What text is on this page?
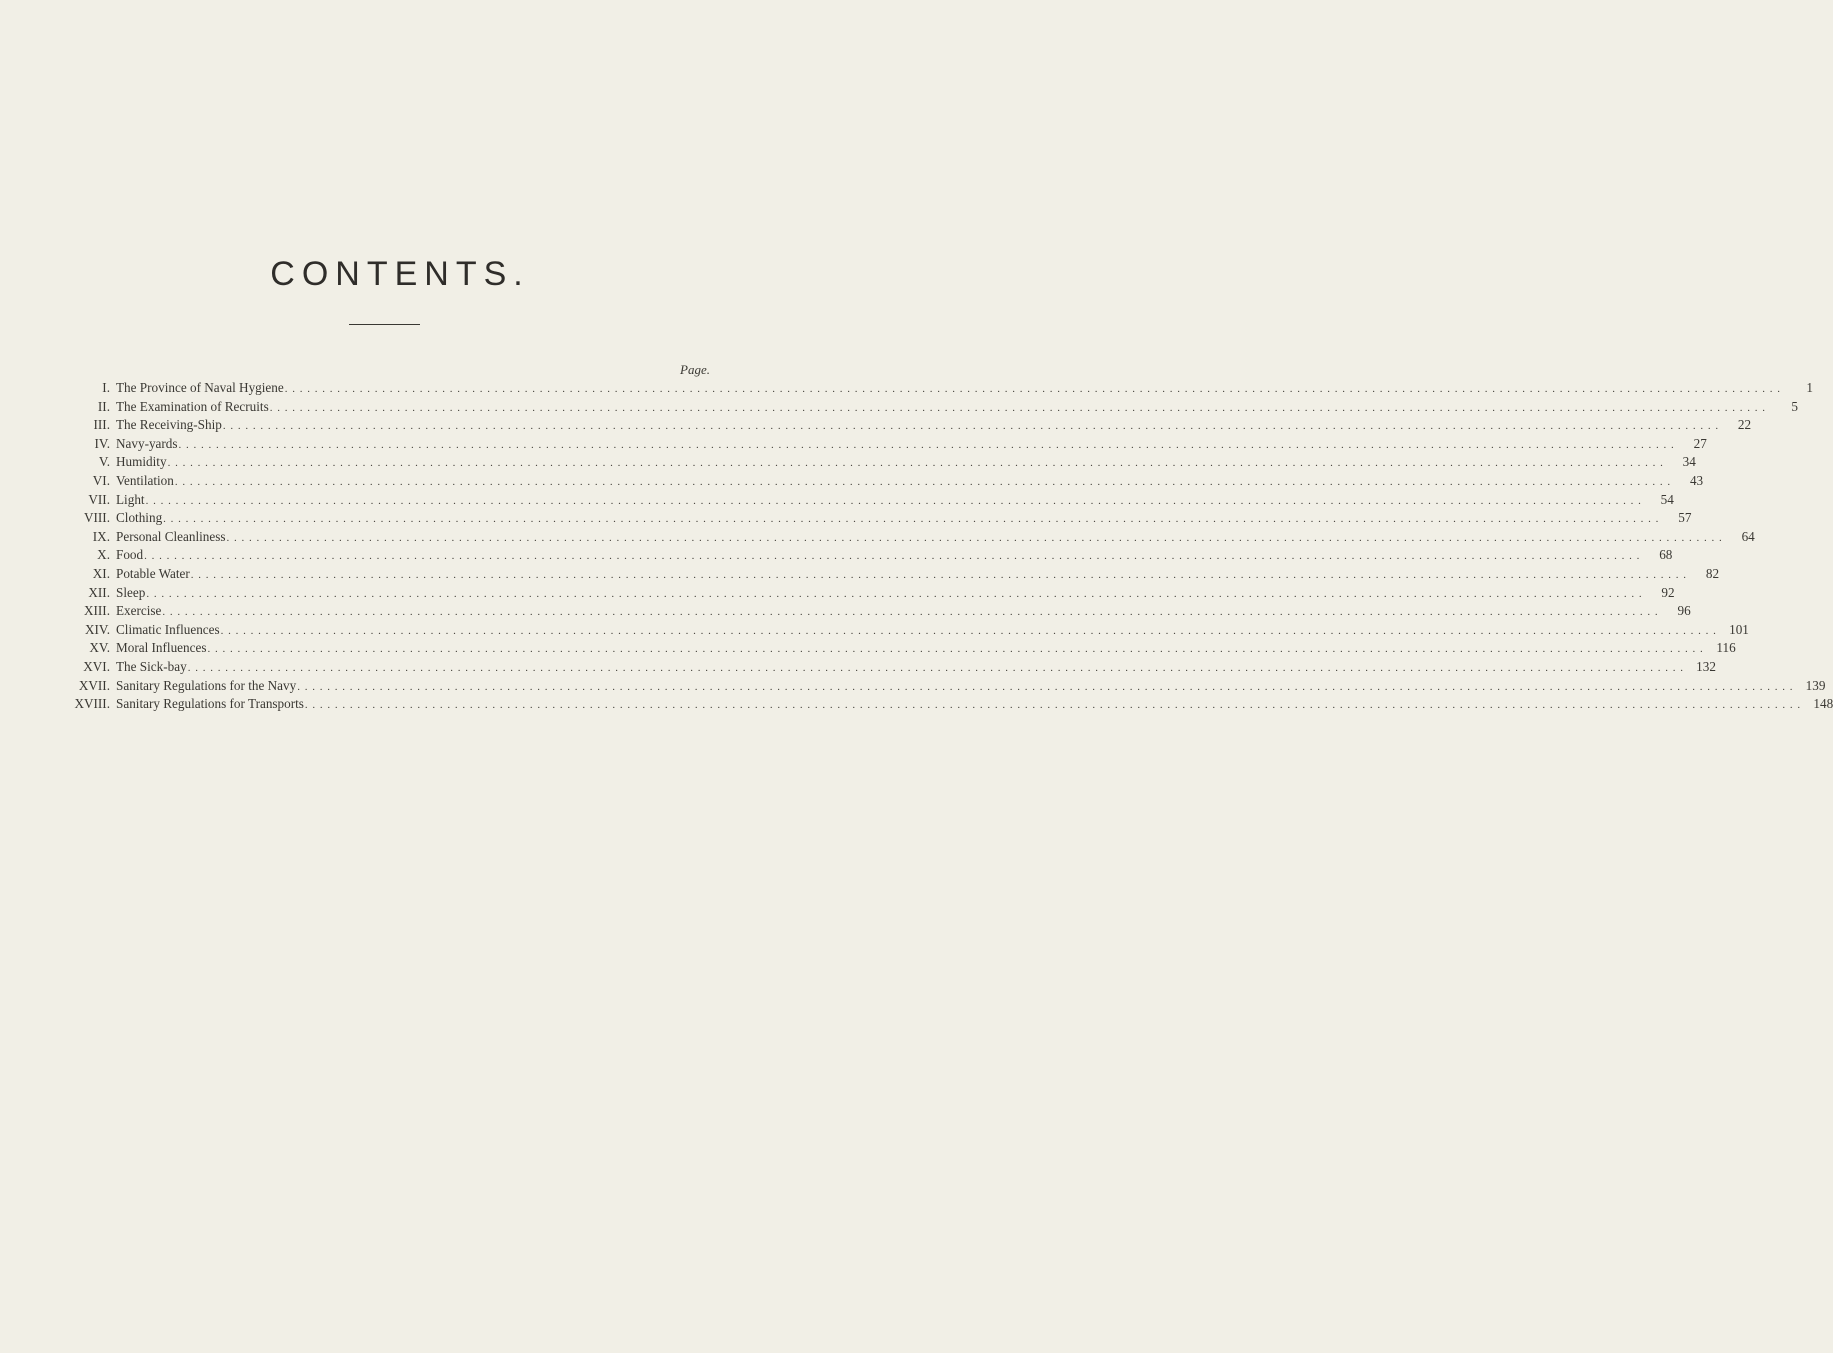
CONTENTS.
Page.
I. The Province of Naval Hygiene . . . . . . . . . . . . . . . . . . . . . . . . . . . . . . . . . . . . . . . . . . . . . . . . . . . . . . . . . . . . . . . . . . . . . . . . . . . . . . . . . . . . . . . . . . . . . . . . . . . . . . . . . . . . . . . . . . . . . . . . . . . . . . . . . . . . . . . . . . . . . . . . . . . . . . . . . . . . . . . . . . . . . . . . . . . . . . . . . . . . . . . . . . . . . . . . . . . . . . . .	1
II. The Examination of Recruits . . . . . . . . . . . . . . . . . . . . . . . . . . . . . . . . . . . . . . . . . . . . . . . . . . . . . . . . . . . . . . . . . . . . . . . . . . . . . . . . . . . . . . . . . . . . . . . . . . . . . . . . . . . . . . . . . . . . . . . . . . . . . . . . . . . . . . . . . . . . . . . . . . . . . . . . . . . . . . . . . . . . . . . . . . . . . . . . . . . . . . . . . . . . . . . . . . . . . . . .	5
III. The Receiving-Ship . . . . . . . . . . . . . . . . . . . . . . . . . . . . . . . . . . . . . . . . . . . . . . . . . . . . . . . . . . . . . . . . . . . . . . . . . . . . . . . . . . . . . . . . . . . . . . . . . . . . . . . . . . . . . . . . . . . . . . . . . . . . . . . . . . . . . . . . . . . . . . . . . . . . . . . . . . . . . . . . . . . . . . . . . . . . . . . . . . . . . . . . . . . . . . . . . . . . . . . .	22
IV. Navy-yards . . . . . . . . . . . . . . . . . . . . . . . . . . . . . . . . . . . . . . . . . . . . . . . . . . . . . . . . . . . . . . . . . . . . . . . . . . . . . . . . . . . . . . . . . . . . . . . . . . . . . . . . . . . . . . . . . . . . . . . . . . . . . . . . . . . . . . . . . . . . . . . . . . . . . . . . . . . . . . . . . . . . . . . . . . . . . . . . . . . . . . . . . . . . . . . . . . . . . . . .	27
V. Humidity . . . . . . . . . . . . . . . . . . . . . . . . . . . . . . . . . . . . . . . . . . . . . . . . . . . . . . . . . . . . . . . . . . . . . . . . . . . . . . . . . . . . . . . . . . . . . . . . . . . . . . . . . . . . . . . . . . . . . . . . . . . . . . . . . . . . . . . . . . . . . . . . . . . . . . . . . . . . . . . . . . . . . . . . . . . . . . . . . . . . . . . . . . . . . . . . . . . . . . . .	34
VI. Ventilation . . . . . . . . . . . . . . . . . . . . . . . . . . . . . . . . . . . . . . . . . . . . . . . . . . . . . . . . . . . . . . . . . . . . . . . . . . . . . . . . . . . . . . . . . . . . . . . . . . . . . . . . . . . . . . . . . . . . . . . . . . . . . . . . . . . . . . . . . . . . . . . . . . . . . . . . . . . . . . . . . . . . . . . . . . . . . . . . . . . . . . . . . . . . . . . . . . . . . . . .	43
VII. Light . . . . . . . . . . . . . . . . . . . . . . . . . . . . . . . . . . . . . . . . . . . . . . . . . . . . . . . . . . . . . . . . . . . . . . . . . . . . . . . . . . . . . . . . . . . . . . . . . . . . . . . . . . . . . . . . . . . . . . . . . . . . . . . . . . . . . . . . . . . . . . . . . . . . . . . . . . . . . . . . . . . . . . . . . . . . . . . . . . . . . . . . . . . . . . . . . . . . . . . .	54
VIII. Clothing . . . . . . . . . . . . . . . . . . . . . . . . . . . . . . . . . . . . . . . . . . . . . . . . . . . . . . . . . . . . . . . . . . . . . . . . . . . . . . . . . . . . . . . . . . . . . . . . . . . . . . . . . . . . . . . . . . . . . . . . . . . . . . . . . . . . . . . . . . . . . . . . . . . . . . . . . . . . . . . . . . . . . . . . . . . . . . . . . . . . . . . . . . . . . . . . . . . . . . . .	57
IX. Personal Cleanliness . . . . . . . . . . . . . . . . . . . . . . . . . . . . . . . . . . . . . . . . . . . . . . . . . . . . . . . . . . . . . . . . . . . . . . . . . . . . . . . . . . . . . . . . . . . . . . . . . . . . . . . . . . . . . . . . . . . . . . . . . . . . . . . . . . . . . . . . . . . . . . . . . . . . . . . . . . . . . . . . . . . . . . . . . . . . . . . . . . . . . . . . . . . . . . . . . . . . . . . .	64
X. Food . . . . . . . . . . . . . . . . . . . . . . . . . . . . . . . . . . . . . . . . . . . . . . . . . . . . . . . . . . . . . . . . . . . . . . . . . . . . . . . . . . . . . . . . . . . . . . . . . . . . . . . . . . . . . . . . . . . . . . . . . . . . . . . . . . . . . . . . . . . . . . . . . . . . . . . . . . . . . . . . . . . . . . . . . . . . . . . . . . . . . . . . . . . . . . . . . . . . . . . .	68
XI. Potable Water . . . . . . . . . . . . . . . . . . . . . . . . . . . . . . . . . . . . . . . . . . . . . . . . . . . . . . . . . . . . . . . . . . . . . . . . . . . . . . . . . . . . . . . . . . . . . . . . . . . . . . . . . . . . . . . . . . . . . . . . . . . . . . . . . . . . . . . . . . . . . . . . . . . . . . . . . . . . . . . . . . . . . . . . . . . . . . . . . . . . . . . . . . . . . . . . . . . . . . . .	82
XII. Sleep . . . . . . . . . . . . . . . . . . . . . . . . . . . . . . . . . . . . . . . . . . . . . . . . . . . . . . . . . . . . . . . . . . . . . . . . . . . . . . . . . . . . . . . . . . . . . . . . . . . . . . . . . . . . . . . . . . . . . . . . . . . . . . . . . . . . . . . . . . . . . . . . . . . . . . . . . . . . . . . . . . . . . . . . . . . . . . . . . . . . . . . . . . . . . . . . . . . . . . . .	92
XIII. Exercise . . . . . . . . . . . . . . . . . . . . . . . . . . . . . . . . . . . . . . . . . . . . . . . . . . . . . . . . . . . . . . . . . . . . . . . . . . . . . . . . . . . . . . . . . . . . . . . . . . . . . . . . . . . . . . . . . . . . . . . . . . . . . . . . . . . . . . . . . . . . . . . . . . . . . . . . . . . . . . . . . . . . . . . . . . . . . . . . . . . . . . . . . . . . . . . . . . . . . . . .	96
XIV. Climatic Influences . . . . . . . . . . . . . . . . . . . . . . . . . . . . . . . . . . . . . . . . . . . . . . . . . . . . . . . . . . . . . . . . . . . . . . . . . . . . . . . . . . . . . . . . . . . . . . . . . . . . . . . . . . . . . . . . . . . . . . . . . . . . . . . . . . . . . . . . . . . . . . . . . . . . . . . . . . . . . . . . . . . . . . . . . . . . . . . . . . . . . . . . . . . . . . . . . . . . . . . . 101
XV. Moral Influences . . . . . . . . . . . . . . . . . . . . . . . . . . . . . . . . . . . . . . . . . . . . . . . . . . . . . . . . . . . . . . . . . . . . . . . . . . . . . . . . . . . . . . . . . . . . . . . . . . . . . . . . . . . . . . . . . . . . . . . . . . . . . . . . . . . . . . . . . . . . . . . . . . . . . . . . . . . . . . . . . . . . . . . . . . . . . . . . . . . . . . . . . . . . . . . . . . . . . . . . 116
XVI. The Sick-bay . . . . . . . . . . . . . . . . . . . . . . . . . . . . . . . . . . . . . . . . . . . . . . . . . . . . . . . . . . . . . . . . . . . . . . . . . . . . . . . . . . . . . . . . . . . . . . . . . . . . . . . . . . . . . . . . . . . . . . . . . . . . . . . . . . . . . . . . . . . . . . . . . . . . . . . . . . . . . . . . . . . . . . . . . . . . . . . . . . . . . . . . . . . . . . . . . . . . . . . . 132
XVII. Sanitary Regulations for the Navy . . . . . . . . . . . . . . . . . . . . . . . . . . . . . . . . . . . . . . . . . . . . . . . . . . . . . . . . . . . . . . . . . . . . . . . . . . . . . . . . . . . . . . . . . . . . . . . . . . . . . . . . . . . . . . . . . . . . . . . . . . . . . . . . . . . . . . . . . . . . . . . . . . . . . . . . . . . . . . . . . . . . . . . . . . . . . . . . . . . . . . . . . . . . . . . . . . . . . . . . 139
XVIII. Sanitary Regulations for Transports . . . . . . . . . . . . . . . . . . . . . . . . . . . . . . . . . . . . . . . . . . . . . . . . . . . . . . . . . . . . . . . . . . . . . . . . . . . . . . . . . . . . . . . . . . . . . . . . . . . . . . . . . . . . . . . . . . . . . . . . . . . . . . . . . . . . . . . . . . . . . . . . . . . . . . . . . . . . . . . . . . . . . . . . . . . . . . . . . . . . . . . . . . . . . . . . . . . . . . . . 148
